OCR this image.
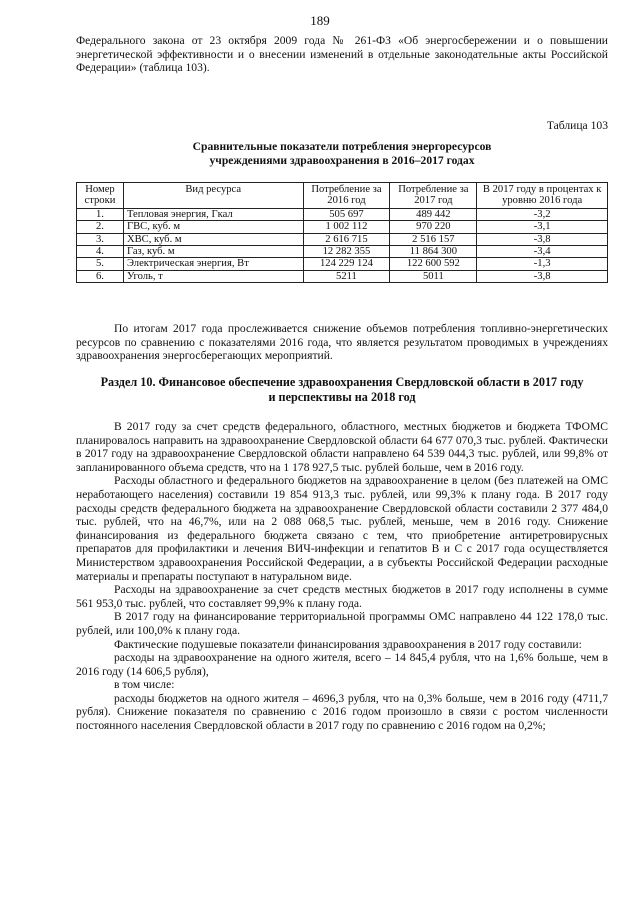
189

Федерального закона от 23 октября 2009 года № 261-ФЗ «Об энергосбережении и о повышении энергетической эффективности и о внесении изменений в отдельные законодательные акты Российской Федерации» (таблица 103).

Таблица 103
Сравнительные показатели потребления энергоресурсов
учреждениями здравоохранения в 2016–2017 годах
Номер строки	Вид ресурса	Потребление за 2016 год	Потребление за 2017 год	В 2017 году в процентах к уровню 2016 года
1.	Тепловая энергия, Гкал	505 697	489 442	-3,2
2.	ГВС, куб. м	1 002 112	970 220	-3,1
3.	ХВС, куб. м	2 616 715	2 516 157	-3,8
4.	Газ, куб. м	12 282 355	11 864 300	-3,4
5.	Электрическая энергия, Вт	124 229 124	122 600 592	-1,3
6.	Уголь, т	5211	5011	-3,8

По итогам 2017 года прослеживается снижение объемов потребления топливно-энергетических ресурсов по сравнению с показателями 2016 года, что является результатом проводимых в учреждениях здравоохранения энергосберегающих мероприятий.

Раздел 10. Финансовое обеспечение здравоохранения Свердловской области в 2017 году
и перспективы на 2018 год

В 2017 году за счет средств федерального, областного, местных бюджетов и бюджета ТФОМС планировалось направить на здравоохранение Свердловской области 64 677 070,3 тыс. рублей. Фактически в 2017 году на здравоохранение Свердловской области направлено 64 539 044,3 тыс. рублей, или 99,8% от запланированного объема средств, что на 1 178 927,5 тыс. рублей больше, чем в 2016 году.

Расходы областного и федерального бюджетов на здравоохранение в целом (без платежей на ОМС неработающего населения) составили 19 854 913,3 тыс. рублей, или 99,3% к плану года. В 2017 году расходы средств федерального бюджета на здравоохранение Свердловской области составили 2 377 484,0 тыс. рублей, что на 46,7%, или на 2 088 068,5 тыс. рублей, меньше, чем в 2016 году. Снижение финансирования из федерального бюджета связано с тем, что приобретение антиретровирусных препаратов для профилактики и лечения ВИЧ-инфекции и гепатитов B и C с 2017 года осуществляется Министерством здравоохранения Российской Федерации, а в субъекты Российской Федерации расходные материалы и препараты поступают в натуральном виде.

Расходы на здравоохранение за счет средств местных бюджетов в 2017 году исполнены в сумме 561 953,0 тыс. рублей, что составляет 99,9% к плану года.

В 2017 году на финансирование территориальной программы ОМС направлено 44 122 178,0 тыс. рублей, или 100,0% к плану года.

Фактические подушевые показатели финансирования здравоохранения в 2017 году составили:

расходы на здравоохранение на одного жителя, всего – 14 845,4 рубля, что на 1,6% больше, чем в 2016 году (14 606,5 рубля),

в том числе:

расходы бюджетов на одного жителя – 4696,3 рубля, что на 0,3% больше, чем в 2016 году (4711,7 рубля). Снижение показателя по сравнению с 2016 годом произошло в связи с ростом численности постоянного населения Свердловской области в 2017 году по сравнению с 2016 годом на 0,2%;
